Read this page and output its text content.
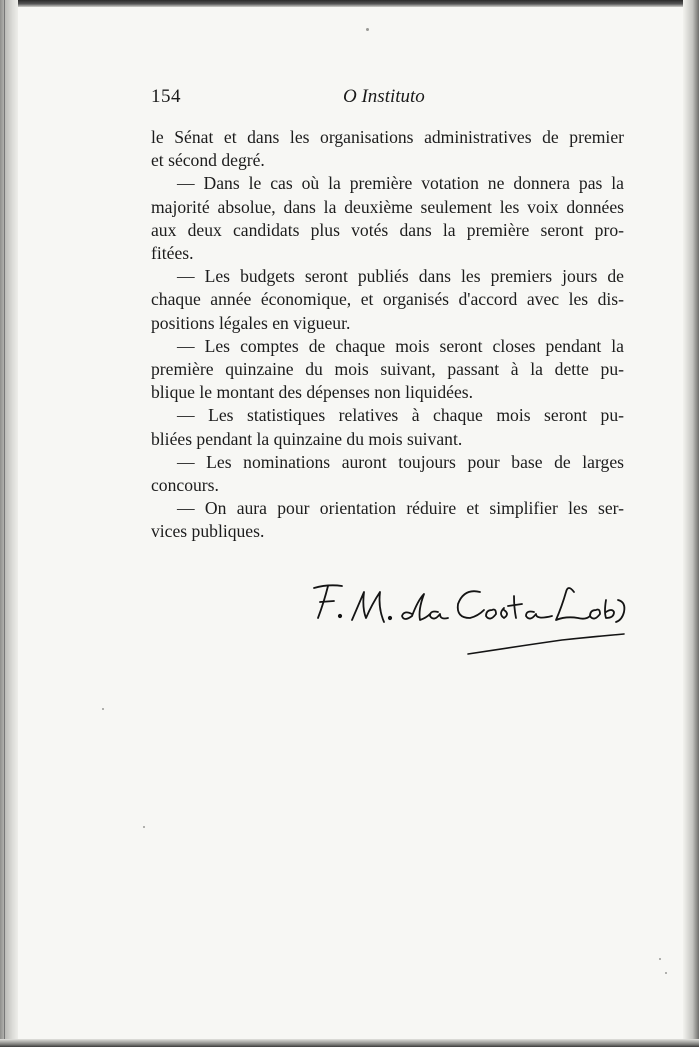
154	O Instituto

le Sénat et dans les organisations administratives de premier
et sécond degré.

— Dans le cas où la première votation ne donnera pas la
majorité absolue, dans la deuxième seulement les voix données
aux deux candidats plus votés dans la première seront pro-
fitées.

— Les budgets seront publiés dans les premiers jours de
chaque année économique, et organisés d'accord avec les dis-
positions légales en vigueur.

— Les comptes de chaque mois seront closes pendant la
première quinzaine du mois suivant, passant à la dette pu-
blique le montant des dépenses non liquidées.

— Les statistiques relatives à chaque mois seront pu-
bliées pendant la quinzaine du mois suivant.

— Les nominations auront toujours pour base de larges
concours.

— On aura pour orientation réduire et simplifier les ser-
vices publiques.
